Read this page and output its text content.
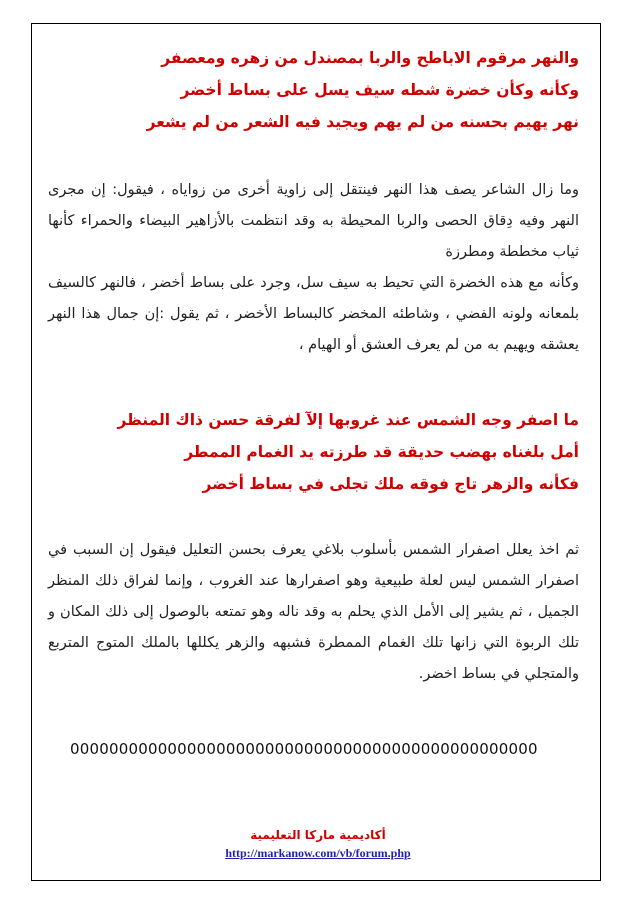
والنهر مرقوم الاباطح والربا بمصندل من زهره ومعصفر
وكأنه وكأن خضرة شطه سيف يسل على بساط أخضر
نهر يهيم بحسنه من لم يهم ويجيد فيه الشعر من لم يشعر

وما زال الشاعر يصف هذا النهر فينتقل إلى زاوية أخرى من زواياه ، فيقول: إن مجرى النهر وفيه دِقاق الحصى والربا المحيطة به وقد انتظمت بالأزاهير البيضاء والحمراء كأنها ثياب مخططة ومطرزة

وكأنه مع هذه الخضرة التي تحيط به سيف سل، وجرد على بساط أخضر ، فالنهر كالسيف بلمعانه ولونه الفضي ، وشاطئه المخضر كالبساط الأخضر ، ثم يقول :إن جمال هذا النهر يعشقه ويهيم به من لم يعرف العشق أو الهيام ،

ما اصفر وجه الشمس عند غروبها إلآ لفرقة حسن ذاك المنظر
أمل بلغناه بهضب حديقة قد طرزته يد الغمام الممطر
فكأنه والزهر تاج فوقه ملك تجلى في بساط أخضر

ثم اخذ يعلل اصفرار الشمس بأسلوب بلاغي يعرف بحسن التعليل فيقول إن السبب في اصفرار الشمس ليس لعلة طبيعية وهو اصفرارها عند الغروب ، وإنما لفراق ذلك المنظر الجميل ، ثم يشير إلى الأمل الذي يحلم به وقد ناله وهو تمتعه بالوصول إلى ذلك المكان و تلك الربوة التي زانها تلك الغمام الممطرة فشبهه والزهر يكللها بالملك المتوج المتربع والمتجلي في بساط اخضر.

000000000000000000000000000000000000000000000000
أكاديمية ماركا التعليمية
http://markanow.com/vb/forum.php
